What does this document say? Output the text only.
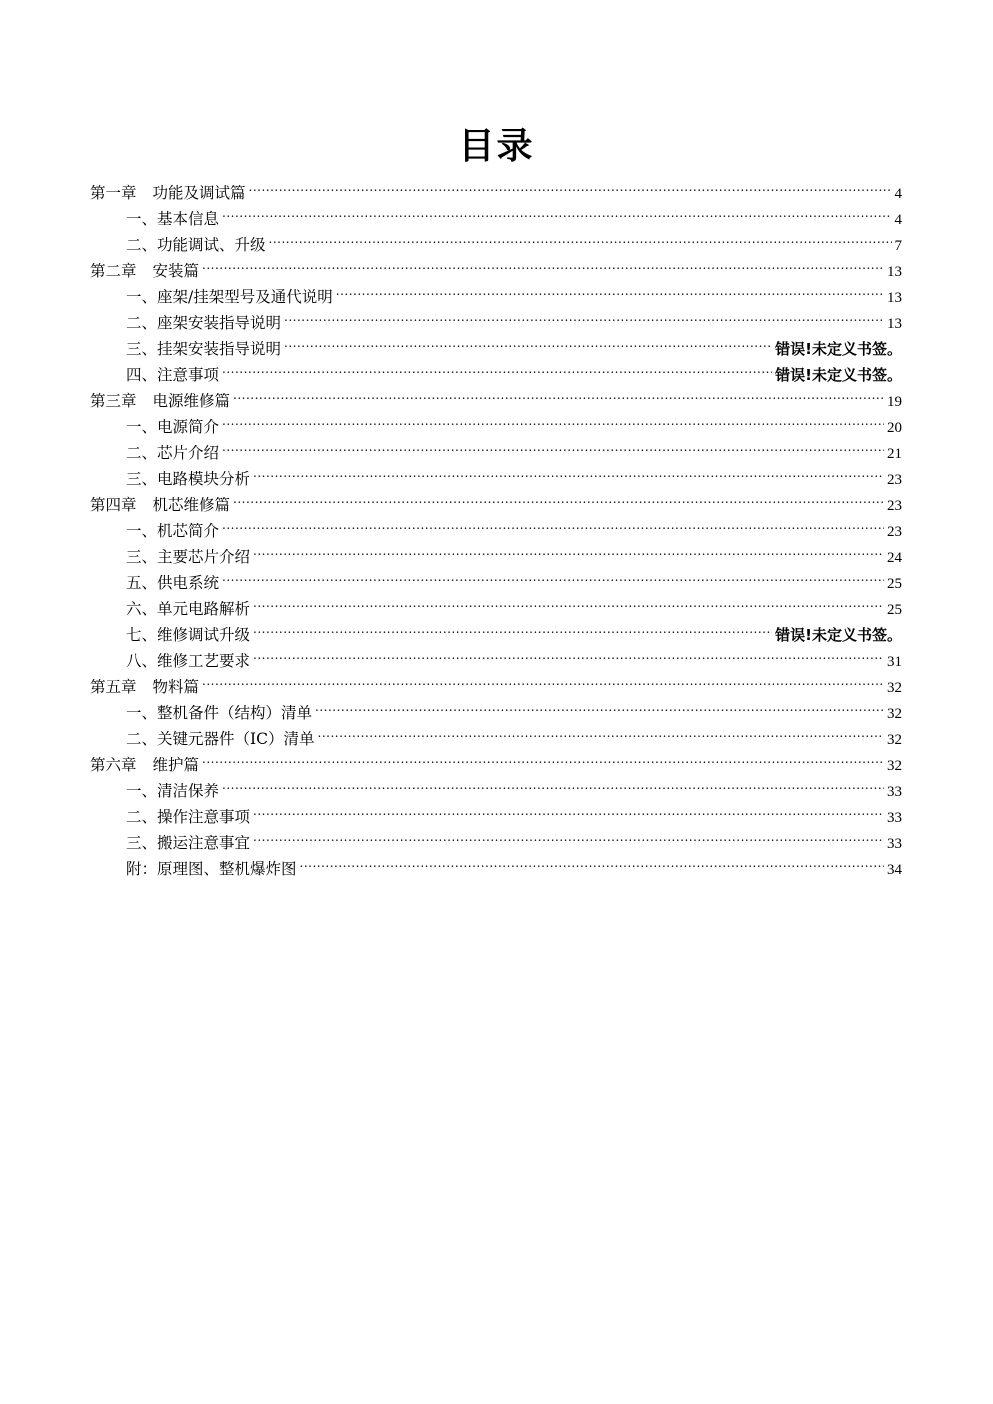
目录
第一章 功能及调试篇 .....	4
一、 基本信息 .....	4
二、 功能调试、升级 .....	7
第二章 安装篇 .....	13
一、 座架/挂架型号及通代说明 .....	13
二、 座架安装指导说明 .....	13
三、 挂架安装指导说明 .....	错误!未定义书签。
四、 注意事项 .....	错误!未定义书签。
第三章 电源维修篇 .....	19
一、 电源简介 .....	20
二、 芯片介绍 .....	21
三、 电路模块分析 .....	23
第四章 机芯维修篇 .....	23
一、 机芯简介 .....	23
三、 主要芯片介绍 .....	24
五、 供电系统 .....	25
六、 单元电路解析 .....	25
七、 维修调试升级 .....	错误!未定义书签。
八、 维修工艺要求 .....	31
第五章 物料篇 .....	32
一、 整机备件（结构）清单 .....	32
二、 关键元器件（IC）清单 .....	32
第六章 维护篇 .....	32
一、 清洁保养 .....	33
二、 操作注意事项 .....	33
三、 搬运注意事宜 .....	33
附： 原理图、整机爆炸图 .....	34
